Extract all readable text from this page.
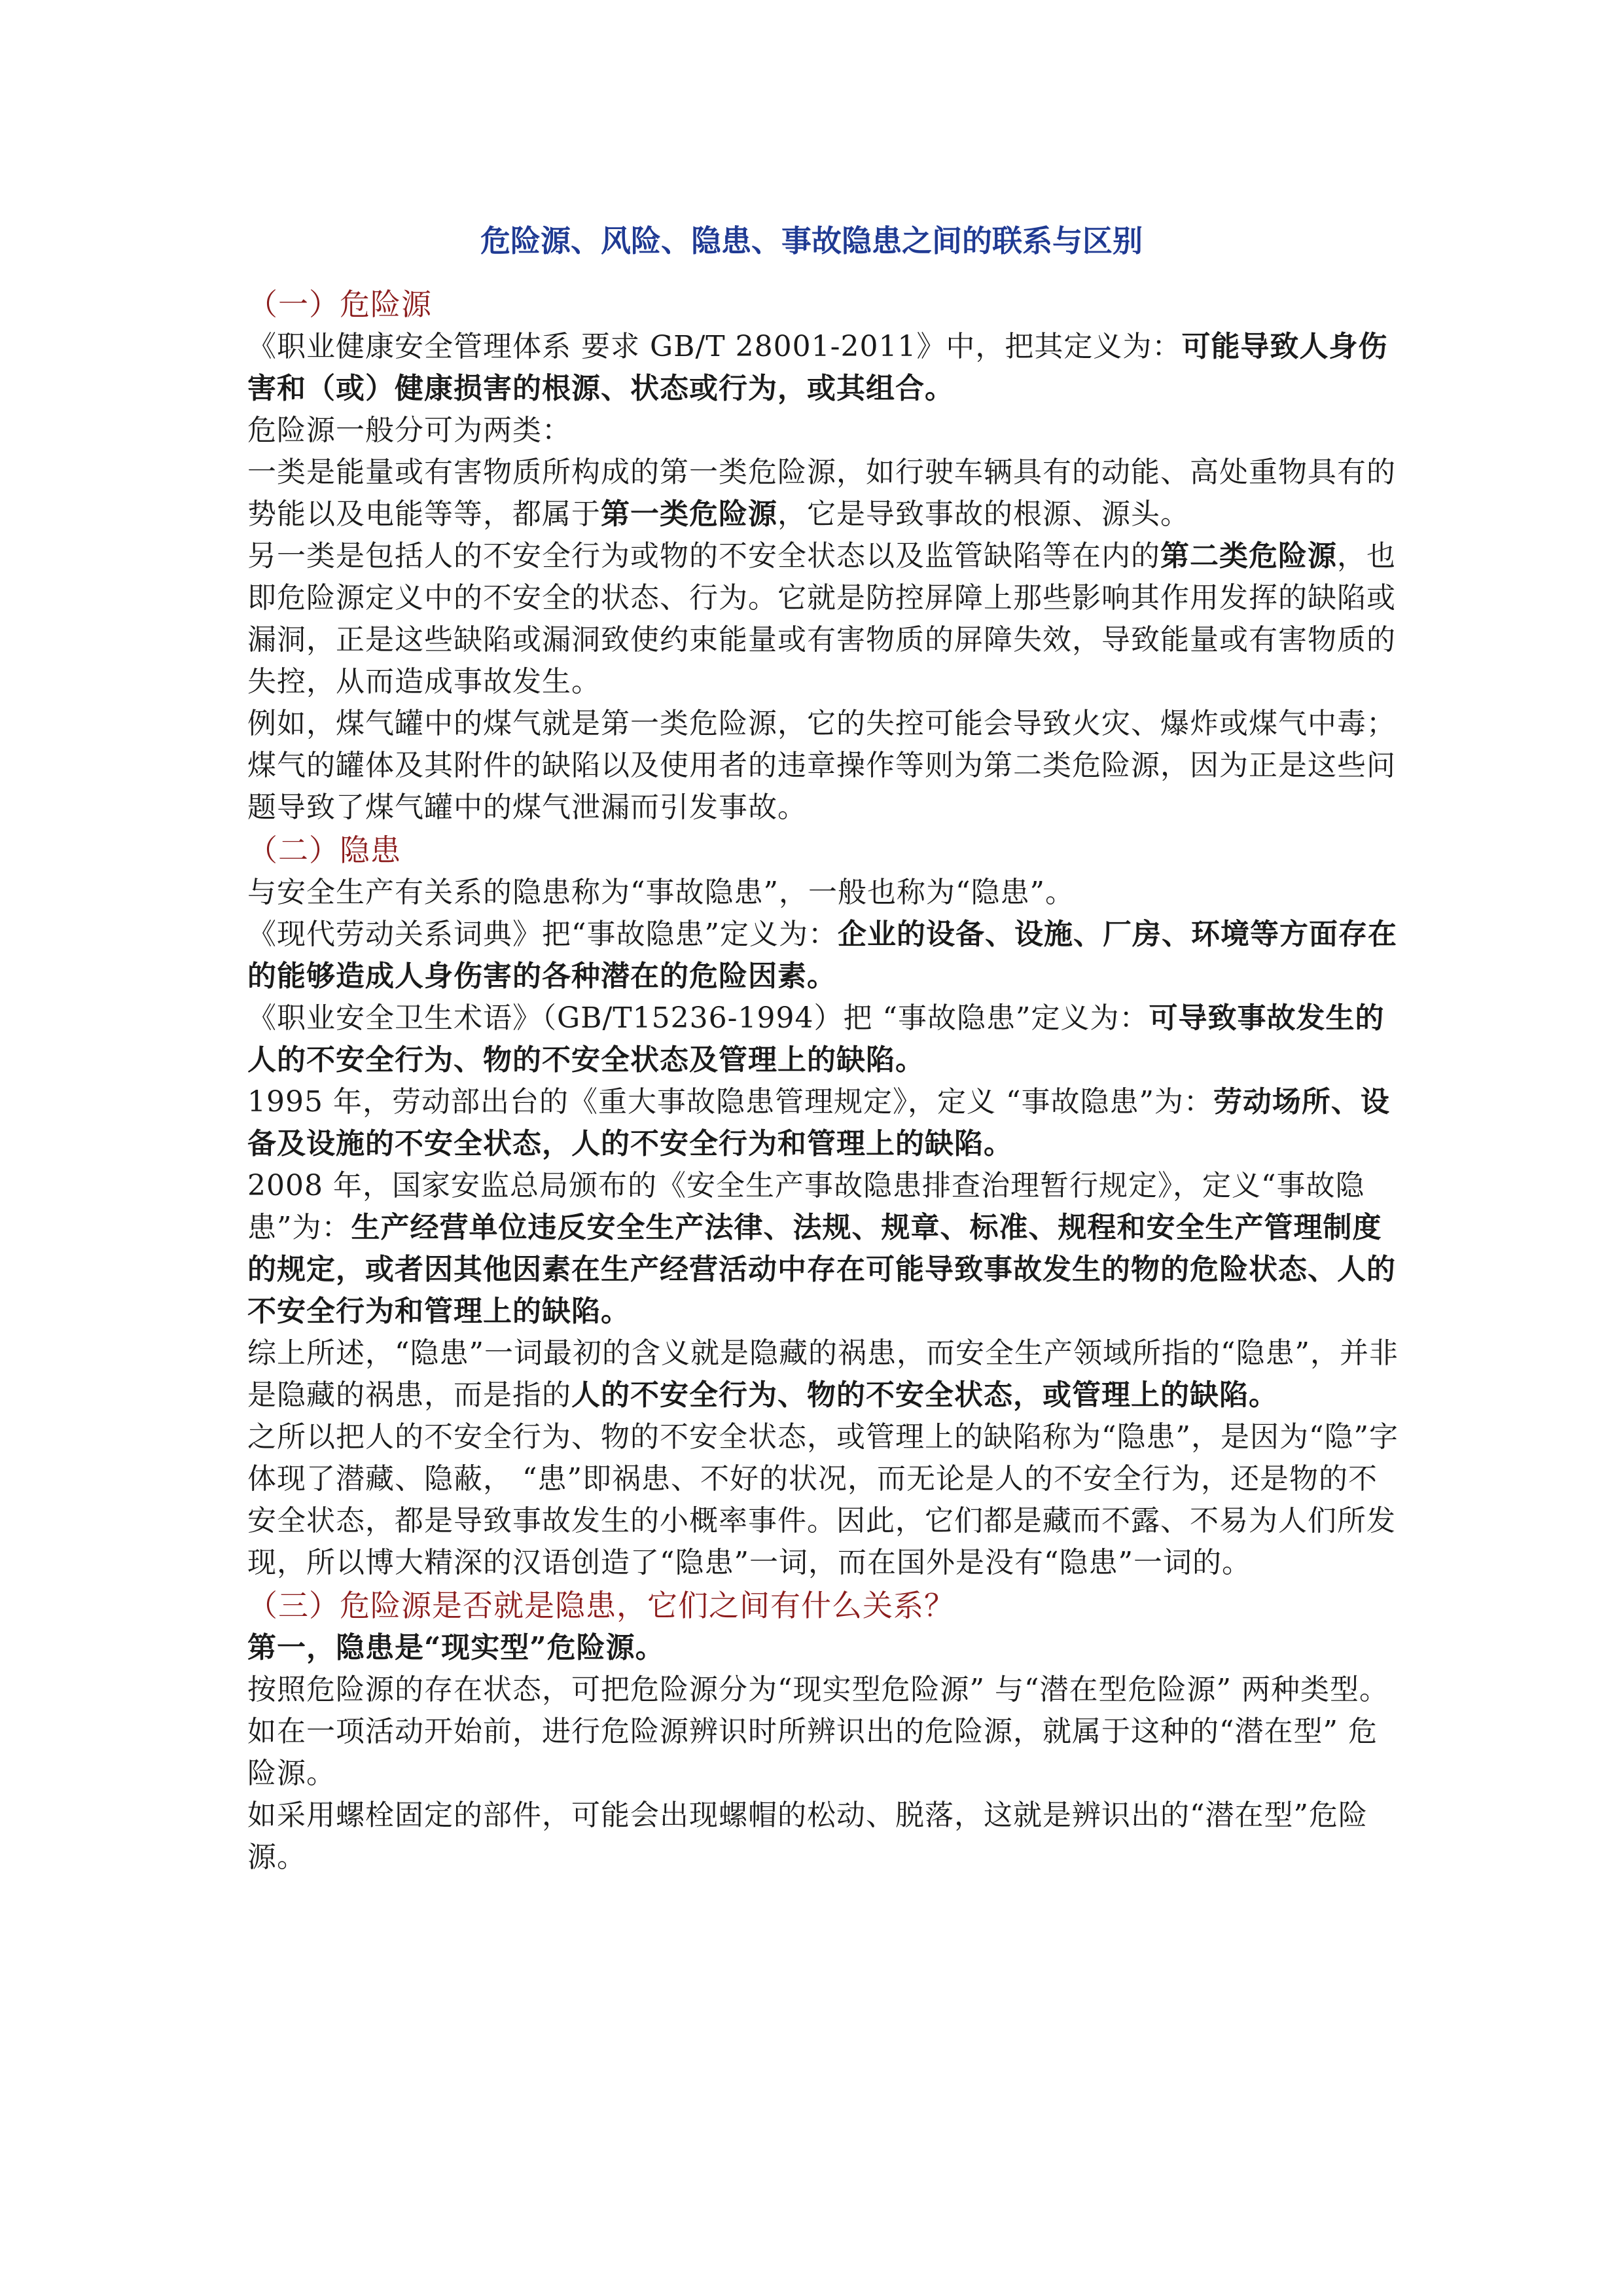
危险源、风险、隐患、事故隐患之间的联系与区别

（一）危险源

《职业健康安全管理体系 要求 GB/T 28001-2011》中，把其定义为：可能导致人身伤害和（或）健康损害的根源、状态或行为，或其组合。

危险源一般分可为两类：

一类是能量或有害物质所构成的第一类危险源，如行驶车辆具有的动能、高处重物具有的势能以及电能等等，都属于第一类危险源，它是导致事故的根源、源头。

另一类是包括人的不安全行为或物的不安全状态以及监管缺陷等在内的第二类危险源，也即危险源定义中的不安全的状态、行为。它就是防控屏障上那些影响其作用发挥的缺陷或漏洞，正是这些缺陷或漏洞致使约束能量或有害物质的屏障失效，导致能量或有害物质的失控，从而造成事故发生。

例如，煤气罐中的煤气就是第一类危险源，它的失控可能会导致火灾、爆炸或煤气中毒；煤气的罐体及其附件的缺陷以及使用者的违章操作等则为第二类危险源，因为正是这些问题导致了煤气罐中的煤气泄漏而引发事故。

（二）隐患

与安全生产有关系的隐患称为“事故隐患”，一般也称为“隐患”。

《现代劳动关系词典》把“事故隐患”定义为：企业的设备、设施、厂房、环境等方面存在的能够造成人身伤害的各种潜在的危险因素。

《职业安全卫生术语》（GB/T15236-1994）把 “事故隐患”定义为：可导致事故发生的人的不安全行为、物的不安全状态及管理上的缺陷。

1995 年，劳动部出台的《重大事故隐患管理规定》，定义 “事故隐患”为：劳动场所、设备及设施的不安全状态，人的不安全行为和管理上的缺陷。

2008 年，国家安监总局颁布的《安全生产事故隐患排查治理暂行规定》，定义“事故隐患”为：生产经营单位违反安全生产法律、法规、规章、标准、规程和安全生产管理制度的规定，或者因其他因素在生产经营活动中存在可能导致事故发生的物的危险状态、人的不安全行为和管理上的缺陷。

综上所述，“隐患”一词最初的含义就是隐藏的祸患，而安全生产领域所指的“隐患”，并非是隐藏的祸患，而是指的人的不安全行为、物的不安全状态，或管理上的缺陷。

之所以把人的不安全行为、物的不安全状态，或管理上的缺陷称为“隐患”，是因为“隐”字体现了潜藏、隐蔽， “患”即祸患、不好的状况，而无论是人的不安全行为，还是物的不安全状态，都是导致事故发生的小概率事件。因此，它们都是藏而不露、不易为人们所发现，所以博大精深的汉语创造了“隐患”一词，而在国外是没有“隐患”一词的。

（三）危险源是否就是隐患，它们之间有什么关系？

第一，隐患是“现实型”危险源。

按照危险源的存在状态，可把危险源分为“现实型危险源” 与“潜在型危险源” 两种类型。

如在一项活动开始前，进行危险源辨识时所辨识出的危险源，就属于这种的“潜在型” 危险源。

如采用螺栓固定的部件，可能会出现螺帽的松动、脱落，这就是辨识出的“潜在型”危险源。
